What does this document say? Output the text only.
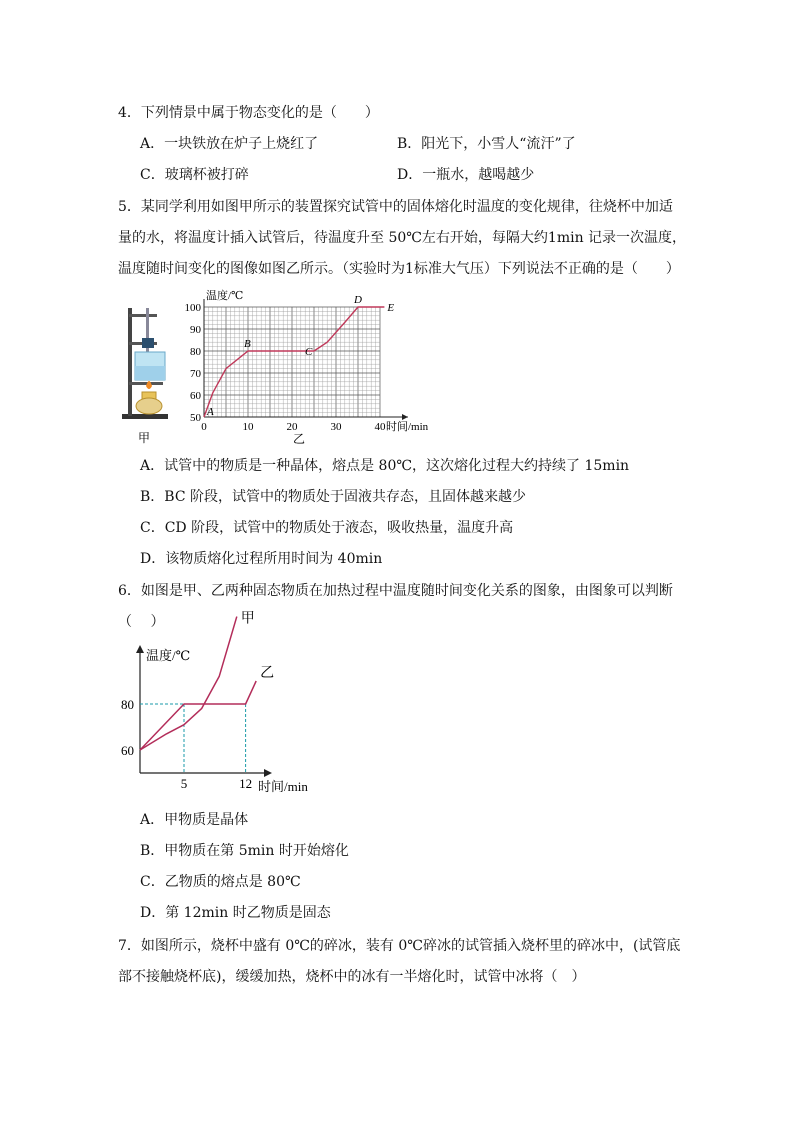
4．下列情景中属于物态变化的是（　　）
A．一块铁放在炉子上烧红了	B．阳光下，小雪人“流汗”了
C．玻璃杯被打碎	D．一瓶水，越喝越少
5．某同学利用如图甲所示的装置探究试管中的固体熔化时温度的变化规律，往烧杯中加适
量的水，将温度计插入试管后，待温度升至 50℃左右开始，每隔大约1min 记录一次温度，
温度随时间变化的图像如图乙所示。（实验时为1标准大气压）下列说法不正确的是（　　）
甲
0	10	20	30	40
50
60
70
80
90
100
A
B
C
D
E
温度/℃
时间/min
乙
A．试管中的物质是一种晶体，熔点是 80℃，这次熔化过程大约持续了 15min
B．BC 阶段，试管中的物质处于固液共存态，且固体越来越少
C．CD 阶段，试管中的物质处于液态，吸收热量，温度升高
D．该物质熔化过程所用时间为 40min
6．如图是甲、乙两种固态物质在加热过程中温度随时间变化关系的图象，由图象可以判断
（　 ）
5	12
60
80
甲
乙
温度/℃
时间/min
A．甲物质是晶体
B．甲物质在第 5min 时开始熔化
C．乙物质的熔点是 80℃
D．第 12min 时乙物质是固态
7．如图所示，烧杯中盛有 0℃的碎冰，装有 0℃碎冰的试管插入烧杯里的碎冰中，(试管底
部不接触烧杯底)，缓缓加热，烧杯中的冰有一半熔化时，试管中冰将（　）
